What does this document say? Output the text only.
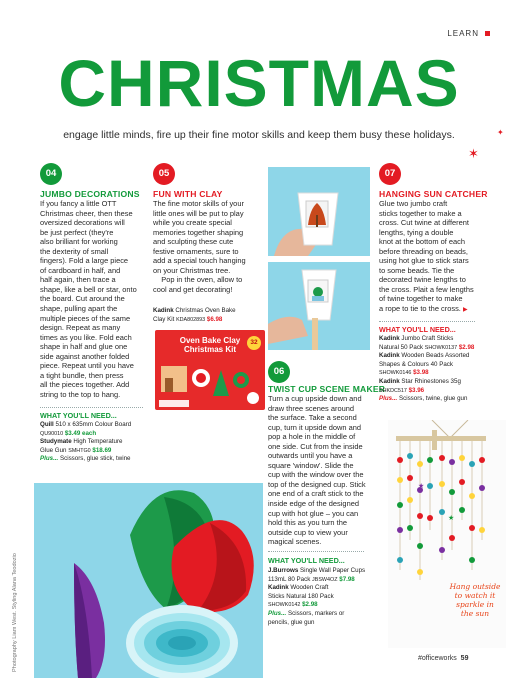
LEARN
CHRISTMAS
engage little minds, fire up their fine motor skills and keep them busy these holidays.
✶
✦
04
JUMBO DECORATIONS
If you fancy a little OTT
Christmas cheer, then these
oversized decorations will
be just perfect (they're
also brilliant for working
the dexterity of small
fingers). Fold a large piece
of cardboard in half, and
half again, then trace a
shape, like a bell or star, onto
the board. Cut around the
shape, pulling apart the
multiple pieces of the same
design. Repeat as many
times as you like. Fold each
shape in half and glue one
side against another folded
piece. Repeat until you have
a tight bundle, then press
all the pieces together. Add
string to the top to hang.
WHAT YOU'LL NEED...
Quill 510 x 635mm Colour Board
QU90010 $3.49 each
Studymate High Temperature
Glue Gun SMHTG0 $18.69
Plus... Scissors, glue stick, twine
Photography Liam West. Styling Alana Teodozio
05
FUN WITH CLAY
The fine motor skills of your
little ones will be put to play
while you create special
memories together shaping
and sculpting these cute
festive ornaments, sure to
add a special touch hanging
on your Christmas tree.
Pop in the oven, allow to
cool and get decorating!
Kadink Christmas Oven Bake
Clay Kit KDA802893 $6.98
Oven Bake Clay
Christmas Kit
32
06
TWIST CUP SCENE MAKER
Turn a cup upside down and
draw three scenes around
the surface. Take a second
cup, turn it upside down and
pop a hole in the middle of
one side. Cut from the inside
outwards until you have a
square 'window'. Slide the
cup with the window over the
top of the designed cup. Stick
one end of a craft stick to the
inside edge of the designed
cup with hot glue – you can
hold this as you turn the
outside cup to view your
magical scenes.
WHAT YOU'LL NEED...
J.Burrows Single Wall Paper Cups
113mL 80 Pack JBSW4OZ $7.98
Kadink Wooden Craft
Sticks Natural 180 Pack
SHOWK0142 $2.98
Plus... Scissors, markers or
pencils, glue gun
07
HANGING SUN CATCHER
Glue two jumbo craft
sticks together to make a
cross. Cut twine at different
lengths, tying a double
knot at the bottom of each
before threading on beads,
using hot glue to stick stars
to some beads. Tie the
decorated twine lengths to
the cross. Plait a few lengths
of twine together to make
a rope to tie to the cross. ▶
WHAT YOU'LL NEED...
Kadink Jumbo Craft Sticks
Natural 50 Pack SHOWK0137 $2.98
Kadink Wooden Beads Assorted
Shapes & Colours 40 Pack
SHOWK0146 $3.98
Kadink Star Rhinestones 35g
SHKDC517 $3.96
Plus... Scissors, twine, glue gun
★
★
Hang outside
to watch it
sparkle in
the sun
#officeworks 59
